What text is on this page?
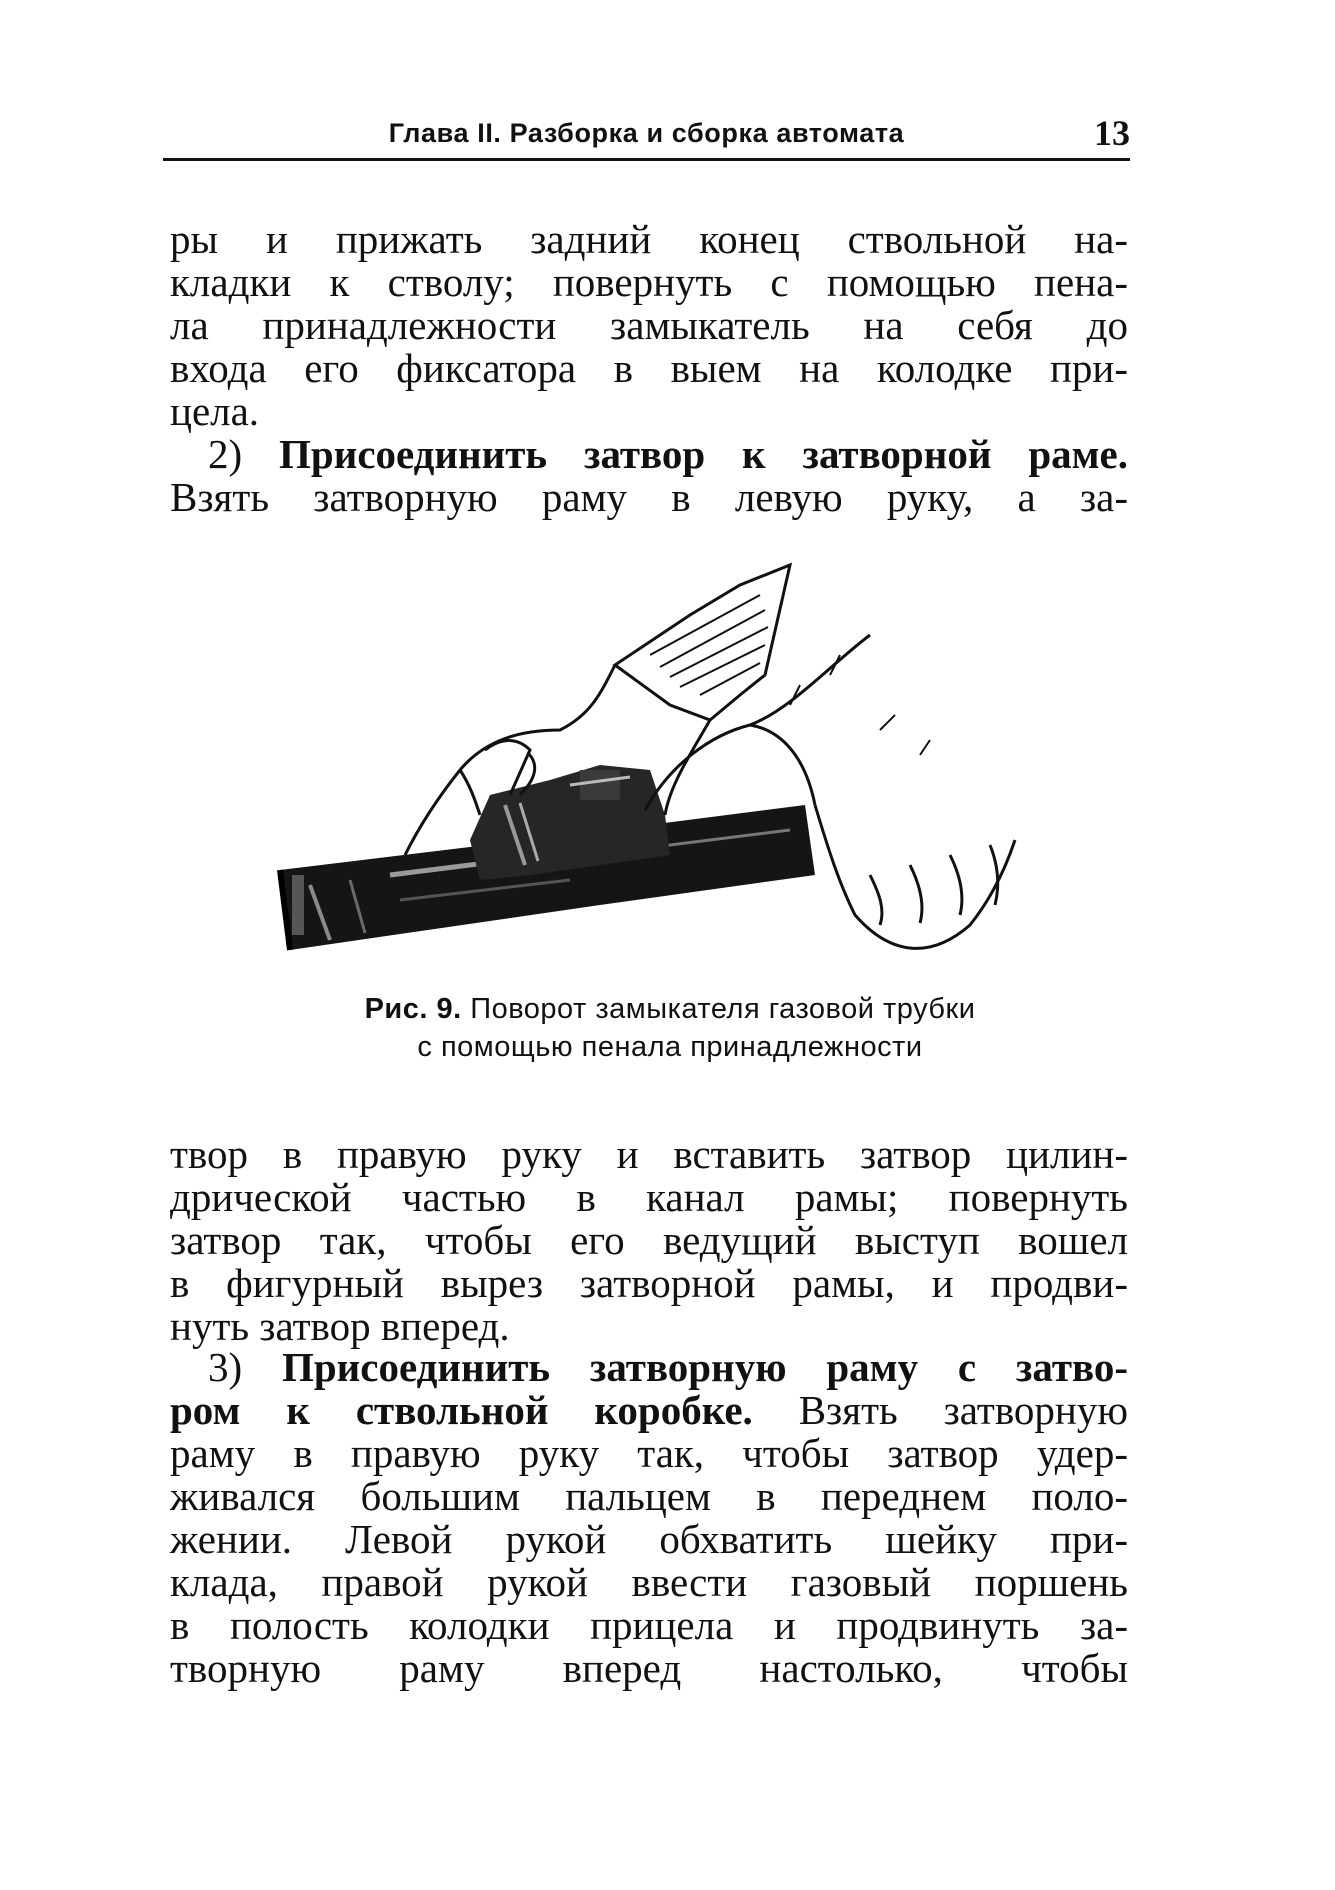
Глава II. Разборка и сборка автомата	13

ры и прижать задний конец ствольной на-
кладки к стволу; повернуть с помощью пена-
ла принадлежности замыкатель на себя до
входа его фиксатора в выем на колодке при-
цела.

2) Присоединить затвор к затворной раме.
Взять затворную раму в левую руку, а за-

Рис. 9. Поворот замыкателя газовой трубки
с помощью пенала принадлежности

твор в правую руку и вставить затвор цилин-
дрической частью в канал рамы; повернуть
затвор так, чтобы его ведущий выступ вошел
в фигурный вырез затворной рамы, и продви-
нуть затвор вперед.

3) Присоединить затворную раму с затво-
ром к ствольной коробке. Взять затворную
раму в правую руку так, чтобы затвор удер-
живался большим пальцем в переднем поло-
жении. Левой рукой обхватить шейку при-
клада, правой рукой ввести газовый поршень
в полость колодки прицела и продвинуть за-
творную раму вперед настолько, чтобы
